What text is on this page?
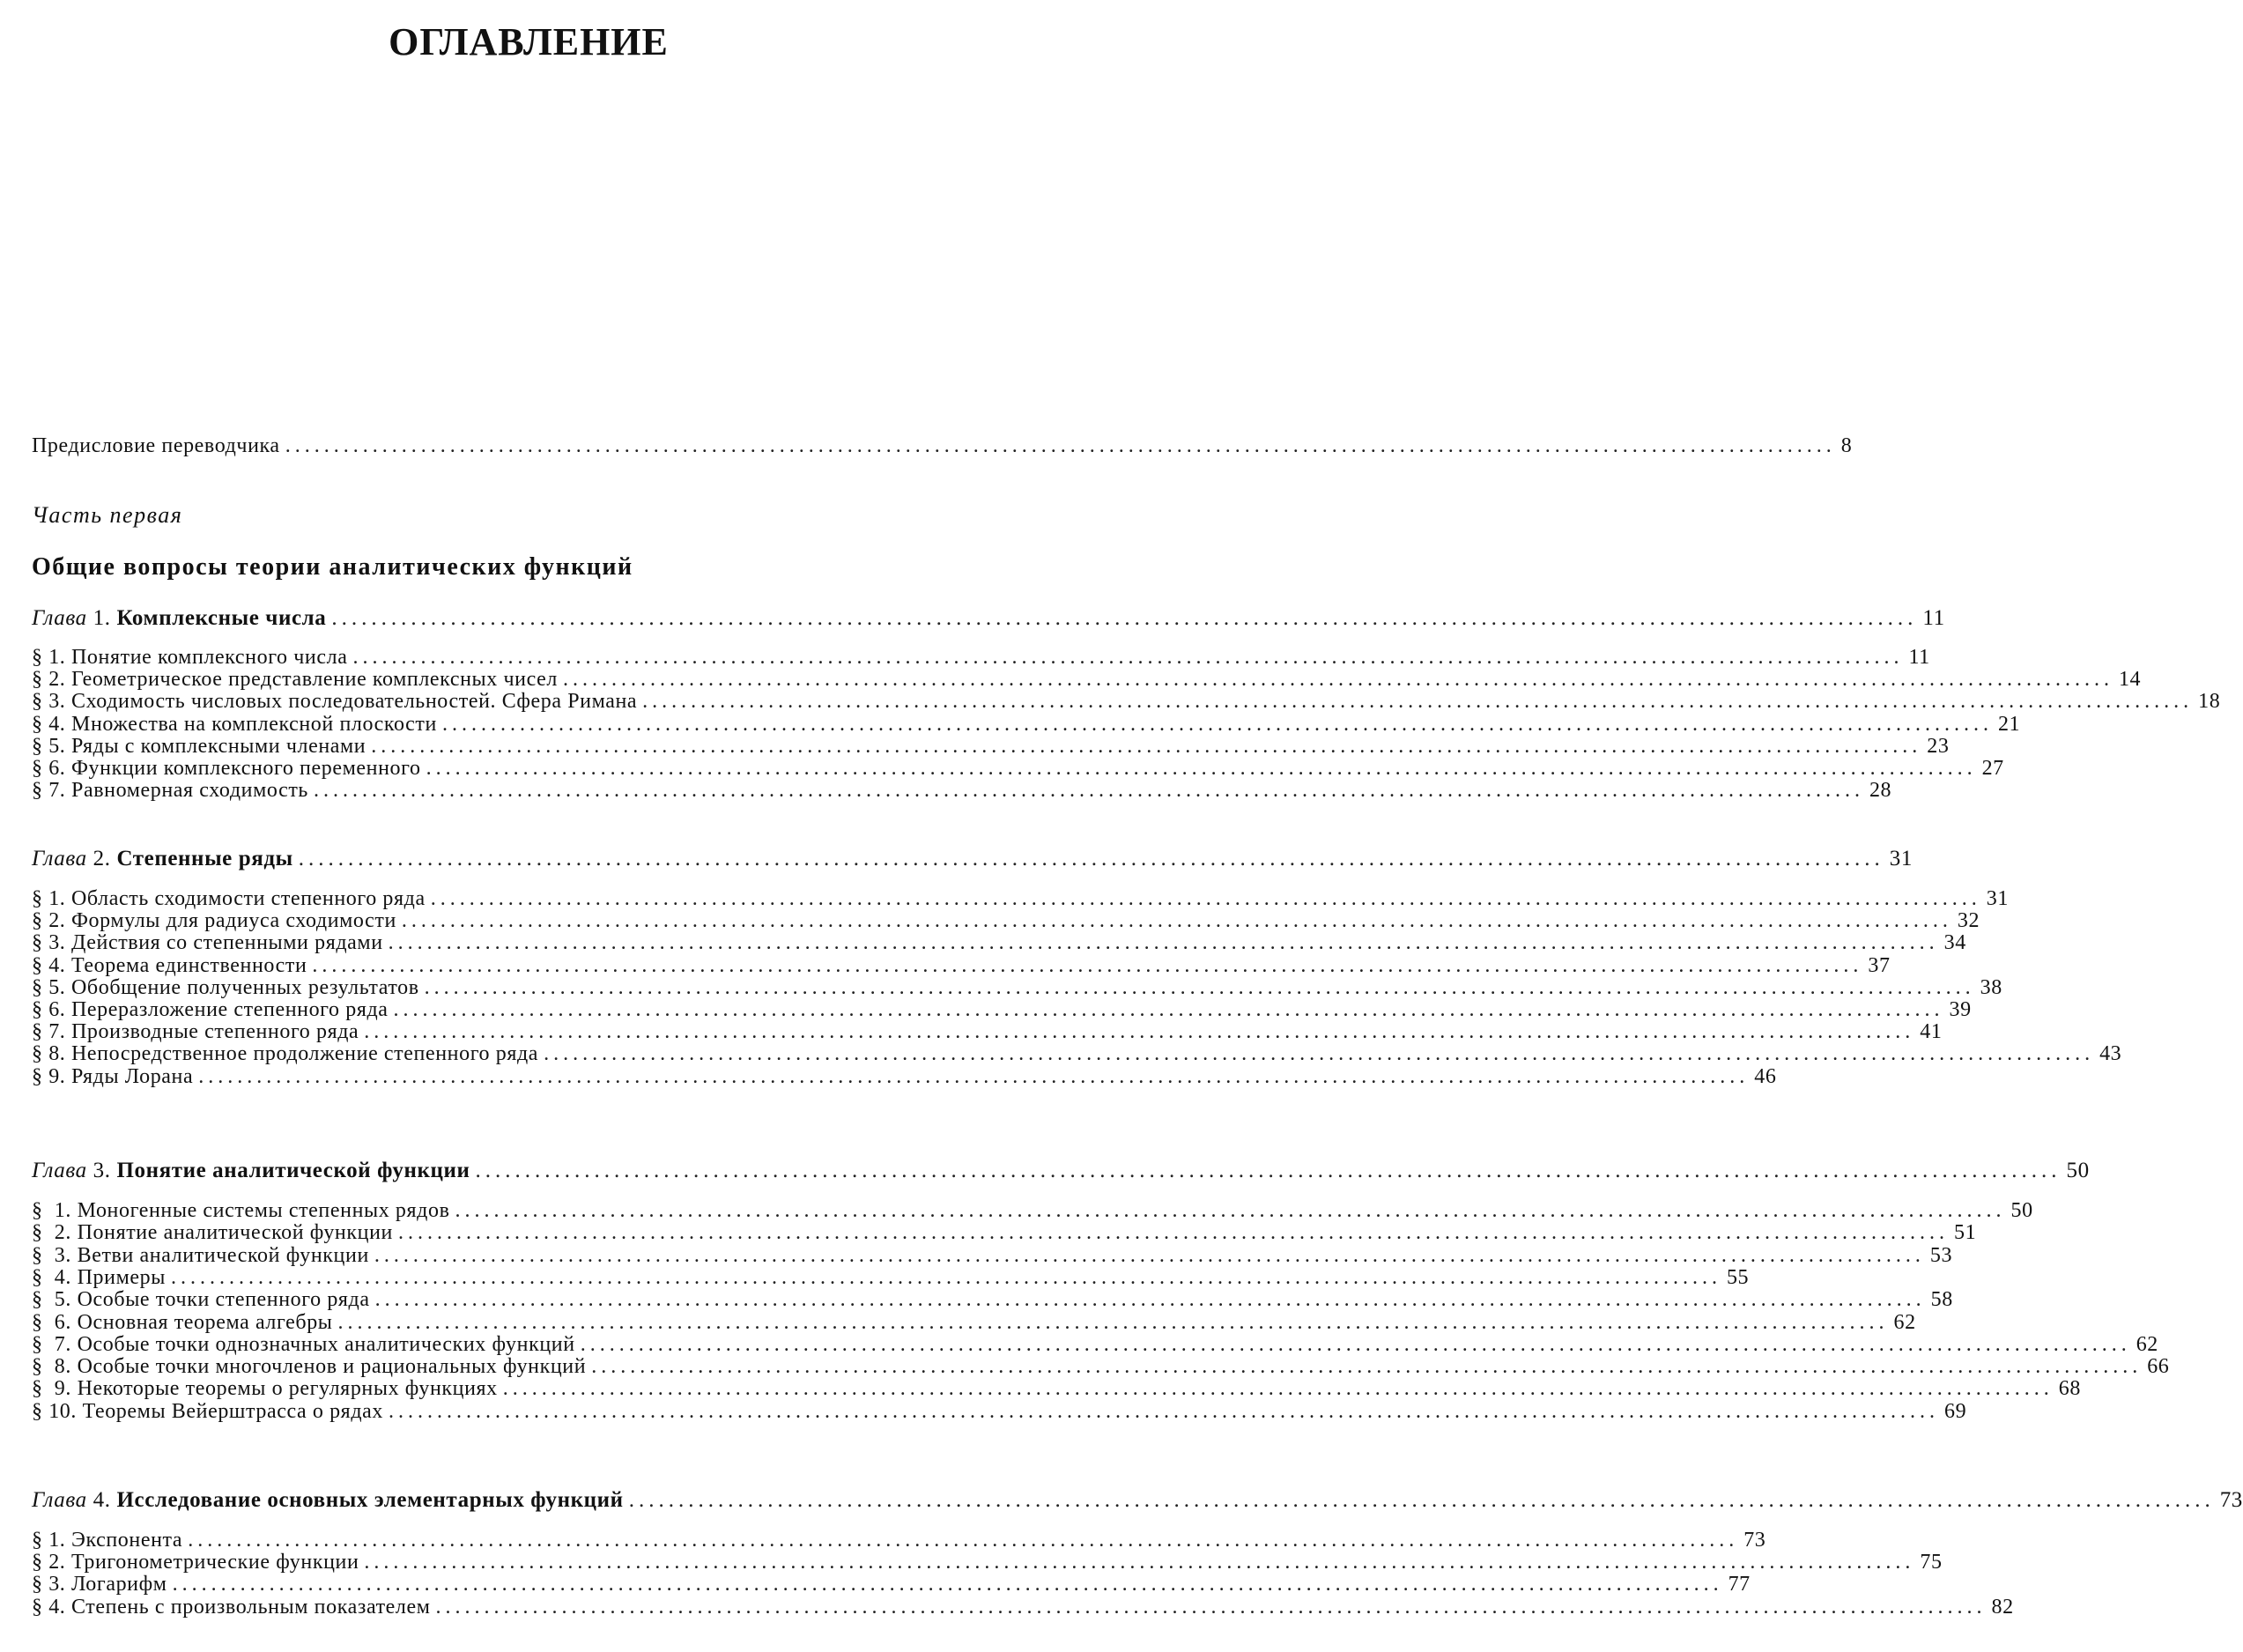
ОГЛАВЛЕНИЕ
Предисловие переводчика ................................................................................................................................................................ 8
Часть первая
Общие вопросы теории аналитических функций
Глава 1. Комплексные числа ................................................................................................................................................................ 11
§ 1. Понятие комплексного числа ................................................................................................................................................................ 11
§ 2. Геометрическое представление комплексных чисел ................................................................................................................................................................ 14
§ 3. Сходимость числовых последовательностей. Сфера Римана ................................................................................................................................................................ 18
§ 4. Множества на комплексной плоскости ................................................................................................................................................................ 21
§ 5. Ряды с комплексными членами ................................................................................................................................................................ 23
§ 6. Функции комплексного переменного ................................................................................................................................................................ 27
§ 7. Равномерная сходимость ................................................................................................................................................................ 28
Глава 2. Степенные ряды ................................................................................................................................................................ 31
§ 1. Область сходимости степенного ряда ................................................................................................................................................................ 31
§ 2. Формулы для радиуса сходимости ................................................................................................................................................................ 32
§ 3. Действия со степенными рядами ................................................................................................................................................................ 34
§ 4. Теорема единственности ................................................................................................................................................................ 37
§ 5. Обобщение полученных результатов ................................................................................................................................................................ 38
§ 6. Переразложение степенного ряда ................................................................................................................................................................ 39
§ 7. Производные степенного ряда ................................................................................................................................................................ 41
§ 8. Непосредственное продолжение степенного ряда ................................................................................................................................................................ 43
§ 9. Ряды Лорана ................................................................................................................................................................ 46
Глава 3. Понятие аналитической функции ................................................................................................................................................................ 50
§  1. Моногенные системы степенных рядов ................................................................................................................................................................ 50
§  2. Понятие аналитической функции ................................................................................................................................................................ 51
§  3. Ветви аналитической функции ................................................................................................................................................................ 53
§  4. Примеры ................................................................................................................................................................ 55
§  5. Особые точки степенного ряда ................................................................................................................................................................ 58
§  6. Основная теорема алгебры ................................................................................................................................................................ 62
§  7. Особые точки однозначных аналитических функций ................................................................................................................................................................ 62
§  8. Особые точки многочленов и рациональных функций ................................................................................................................................................................ 66
§  9. Некоторые теоремы о регулярных функциях ................................................................................................................................................................ 68
§ 10. Теоремы Вейерштрасса о рядах ................................................................................................................................................................ 69
Глава 4. Исследование основных элементарных функций ................................................................................................................................................................ 73
§ 1. Экспонента ................................................................................................................................................................ 73
§ 2. Тригонометрические функции ................................................................................................................................................................ 75
§ 3. Логарифм ................................................................................................................................................................ 77
§ 4. Степень с произвольным показателем ................................................................................................................................................................ 82
